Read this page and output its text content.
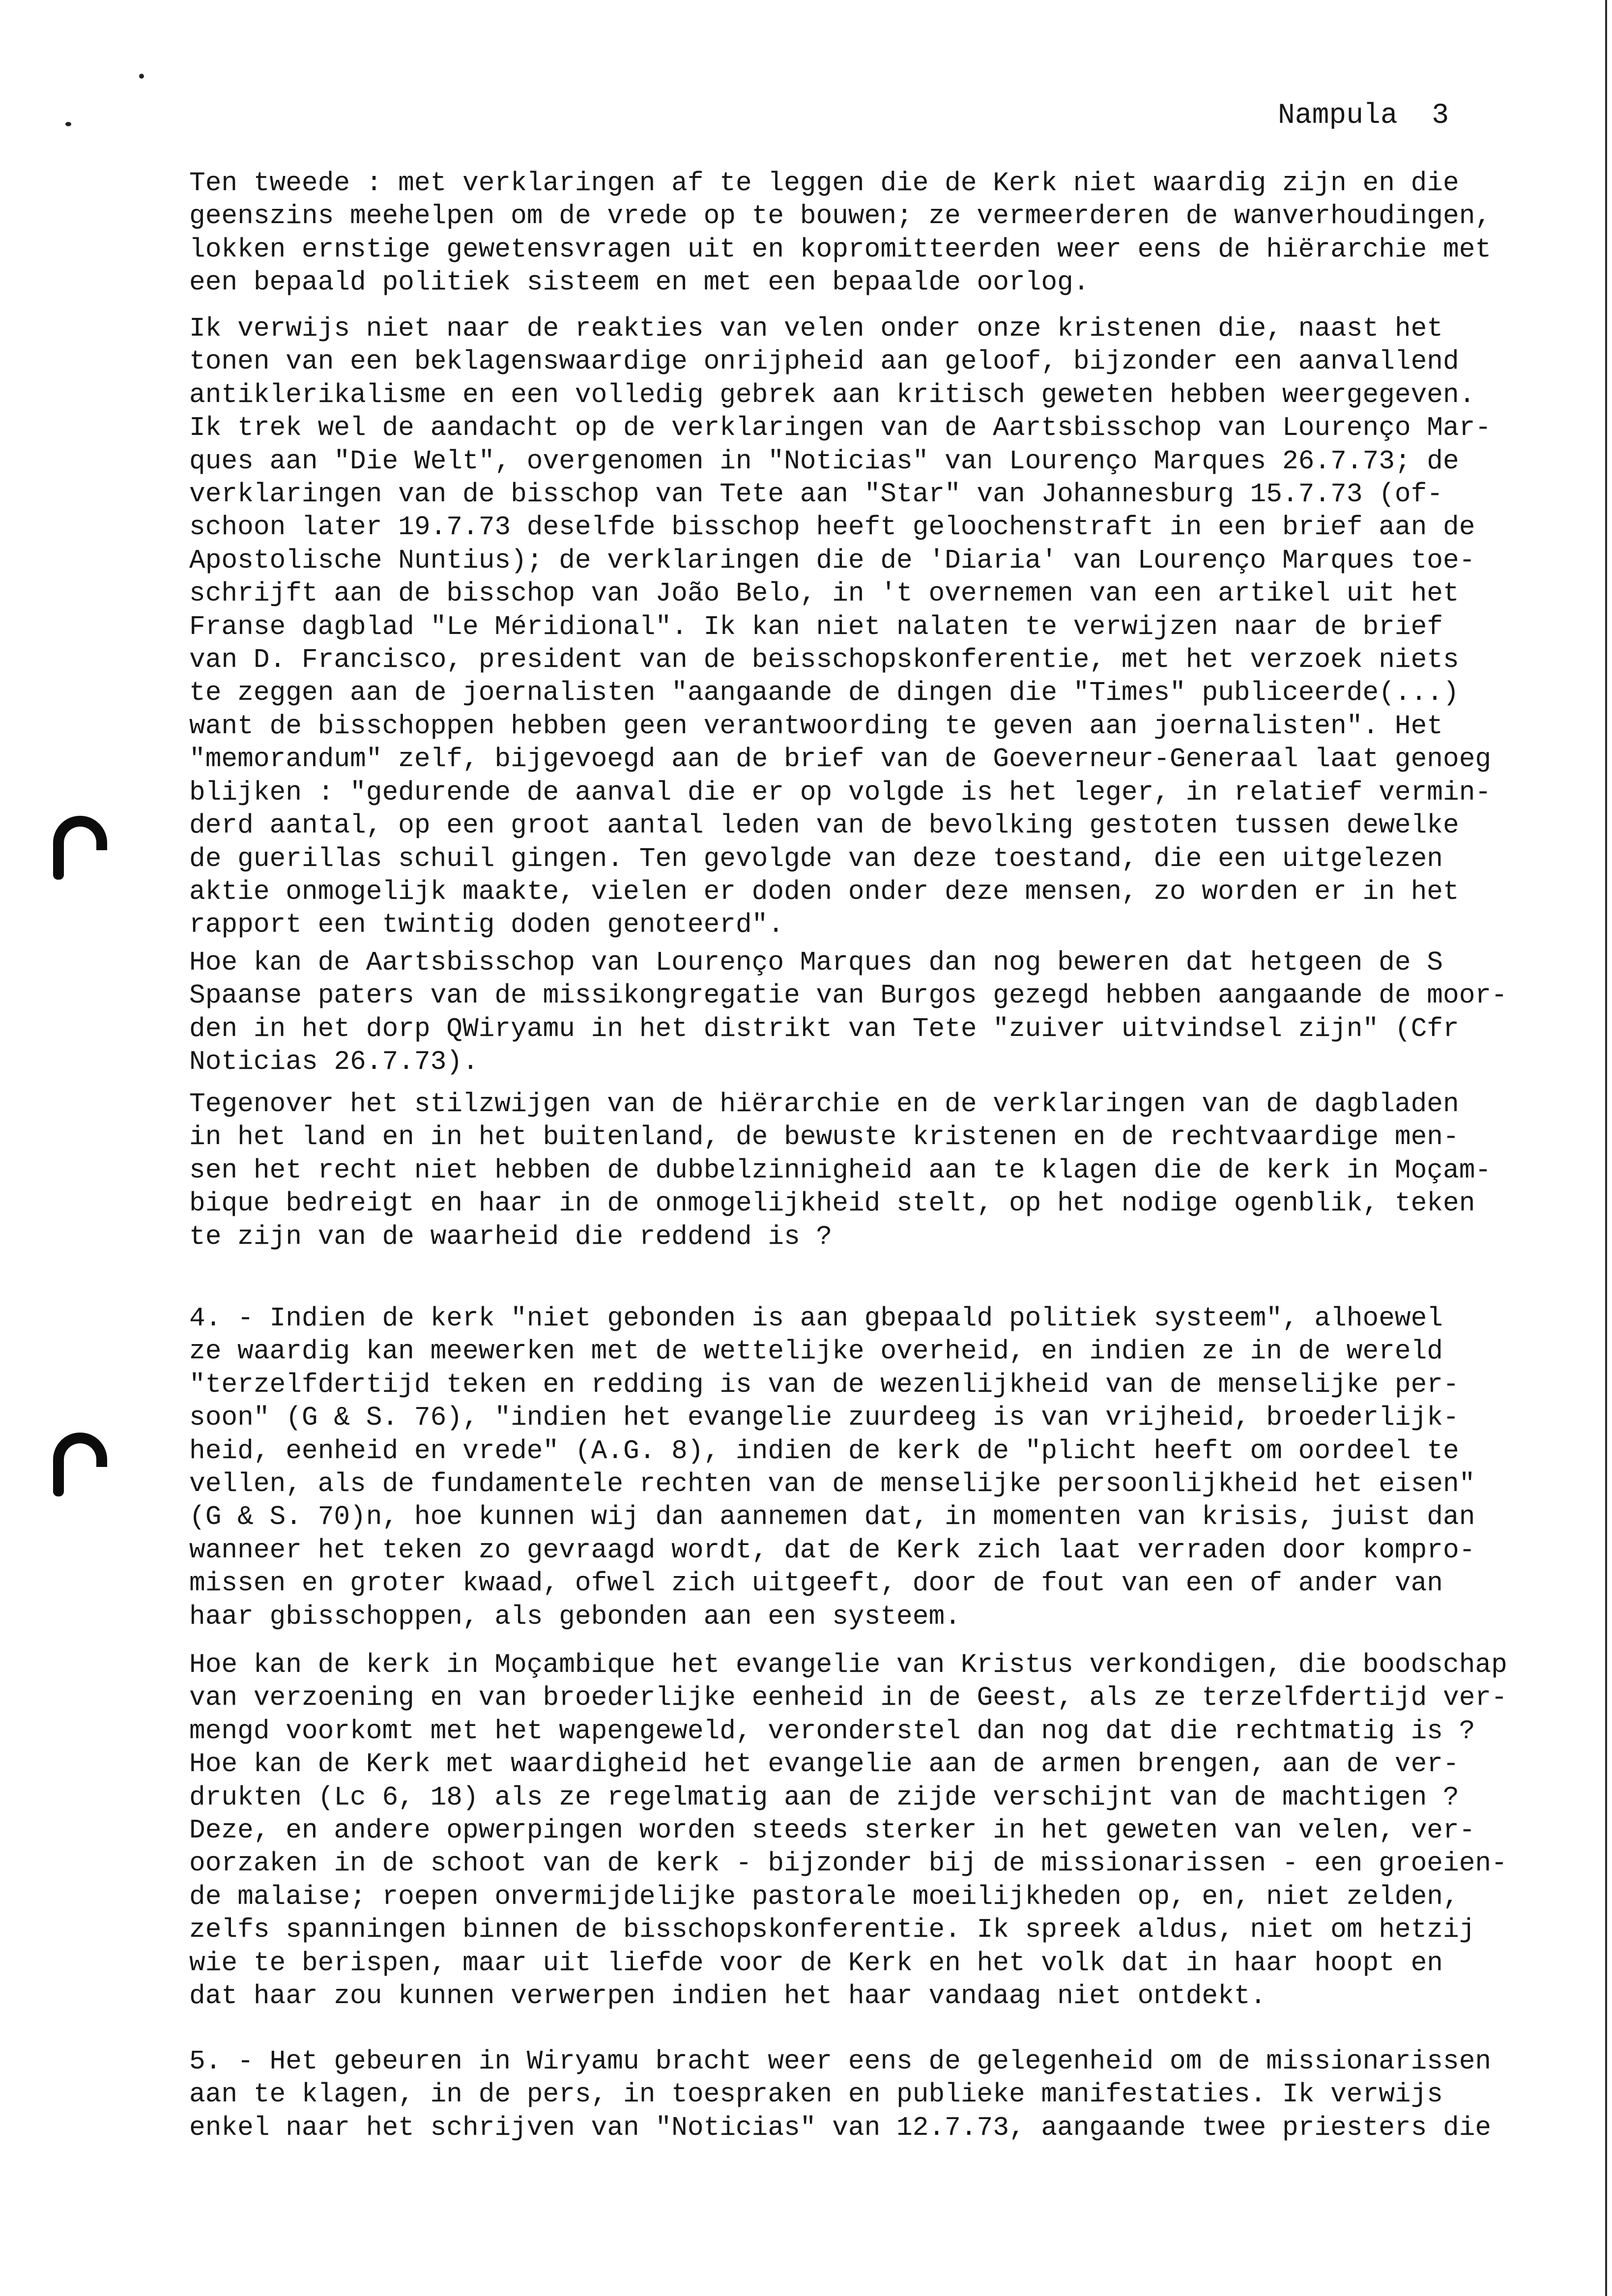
Nampula  3
Ten tweede : met verklaringen af te leggen die de Kerk niet waardig zijn en die
geenszins meehelpen om de vrede op te bouwen; ze vermeerderen de wanverhoudingen,
lokken ernstige gewetensvragen uit en kopromitteerden weer eens de hiërarchie met
een bepaald politiek sisteem en met een bepaalde oorlog.
Ik verwijs niet naar de reakties van velen onder onze kristenen die, naast het
tonen van een beklagenswaardige onrijpheid aan geloof, bijzonder een aanvallend
antiklerikalisme en een volledig gebrek aan kritisch geweten hebben weergegeven.
Ik trek wel de aandacht op de verklaringen van de Aartsbisschop van Lourenço Mar-
ques aan "Die Welt", overgenomen in "Noticias" van Lourenço Marques 26.7.73; de
verklaringen van de bisschop van Tete aan "Star" van Johannesburg 15.7.73 (of-
schoon later 19.7.73 deselfde bisschop heeft geloochenstraft in een brief aan de
Apostolische Nuntius); de verklaringen die de 'Diaria' van Lourenço Marques toe-
schrijft aan de bisschop van João Belo, in 't overnemen van een artikel uit het
Franse dagblad "Le Méridional". Ik kan niet nalaten te verwijzen naar de brief
van D. Francisco, president van de beisschopskonferentie, met het verzoek niets
te zeggen aan de joernalisten "aangaande de dingen die "Times" publiceerde(...)
want de bisschoppen hebben geen verantwoording te geven aan joernalisten". Het
"memorandum" zelf, bijgevoegd aan de brief van de Goeverneur-Generaal laat genoeg
blijken : "gedurende de aanval die er op volgde is het leger, in relatief vermin-
derd aantal, op een groot aantal leden van de bevolking gestoten tussen dewelke
de guerillas schuil gingen. Ten gevolgde van deze toestand, die een uitgelezen
aktie onmogelijk maakte, vielen er doden onder deze mensen, zo worden er in het
rapport een twintig doden genoteerd".
Hoe kan de Aartsbisschop van Lourenço Marques dan nog beweren dat hetgeen de S
Spaanse paters van de missikongregatie van Burgos gezegd hebben aangaande de moor-
den in het dorp QWiryamu in het distrikt van Tete "zuiver uitvindsel zijn" (Cfr
Noticias 26.7.73).
Tegenover het stilzwijgen van de hiërarchie en de verklaringen van de dagbladen
in het land en in het buitenland, de bewuste kristenen en de rechtvaardige men-
sen het recht niet hebben de dubbelzinnigheid aan te klagen die de kerk in Moçam-
bique bedreigt en haar in de onmogelijkheid stelt, op het nodige ogenblik, teken
te zijn van de waarheid die reddend is ?
4. - Indien de kerk "niet gebonden is aan gbepaald politiek systeem", alhoewel
ze waardig kan meewerken met de wettelijke overheid, en indien ze in de wereld
"terzelfdertijd teken en redding is van de wezenlijkheid van de menselijke per-
soon" (G & S. 76), "indien het evangelie zuurdeeg is van vrijheid, broederlijk-
heid, eenheid en vrede" (A.G. 8), indien de kerk de "plicht heeft om oordeel te
vellen, als de fundamentele rechten van de menselijke persoonlijkheid het eisen"
(G & S. 70)n, hoe kunnen wij dan aannemen dat, in momenten van krisis, juist dan
wanneer het teken zo gevraagd wordt, dat de Kerk zich laat verraden door kompro-
missen en groter kwaad, ofwel zich uitgeeft, door de fout van een of ander van
haar gbisschoppen, als gebonden aan een systeem.
Hoe kan de kerk in Moçambique het evangelie van Kristus verkondigen, die boodschap
van verzoening en van broederlijke eenheid in de Geest, als ze terzelfdertijd ver-
mengd voorkomt met het wapengeweld, veronderstel dan nog dat die rechtmatig is ?
Hoe kan de Kerk met waardigheid het evangelie aan de armen brengen, aan de ver-
drukten (Lc 6, 18) als ze regelmatig aan de zijde verschijnt van de machtigen ?
Deze, en andere opwerpingen worden steeds sterker in het geweten van velen, ver-
oorzaken in de schoot van de kerk - bijzonder bij de missionarissen - een groeien-
de malaise; roepen onvermijdelijke pastorale moeilijkheden op, en, niet zelden,
zelfs spanningen binnen de bisschopskonferentie. Ik spreek aldus, niet om hetzij
wie te berispen, maar uit liefde voor de Kerk en het volk dat in haar hoopt en
dat haar zou kunnen verwerpen indien het haar vandaag niet ontdekt.
5. - Het gebeuren in Wiryamu bracht weer eens de gelegenheid om de missionarissen
aan te klagen, in de pers, in toespraken en publieke manifestaties. Ik verwijs
enkel naar het schrijven van "Noticias" van 12.7.73, aangaande twee priesters die
